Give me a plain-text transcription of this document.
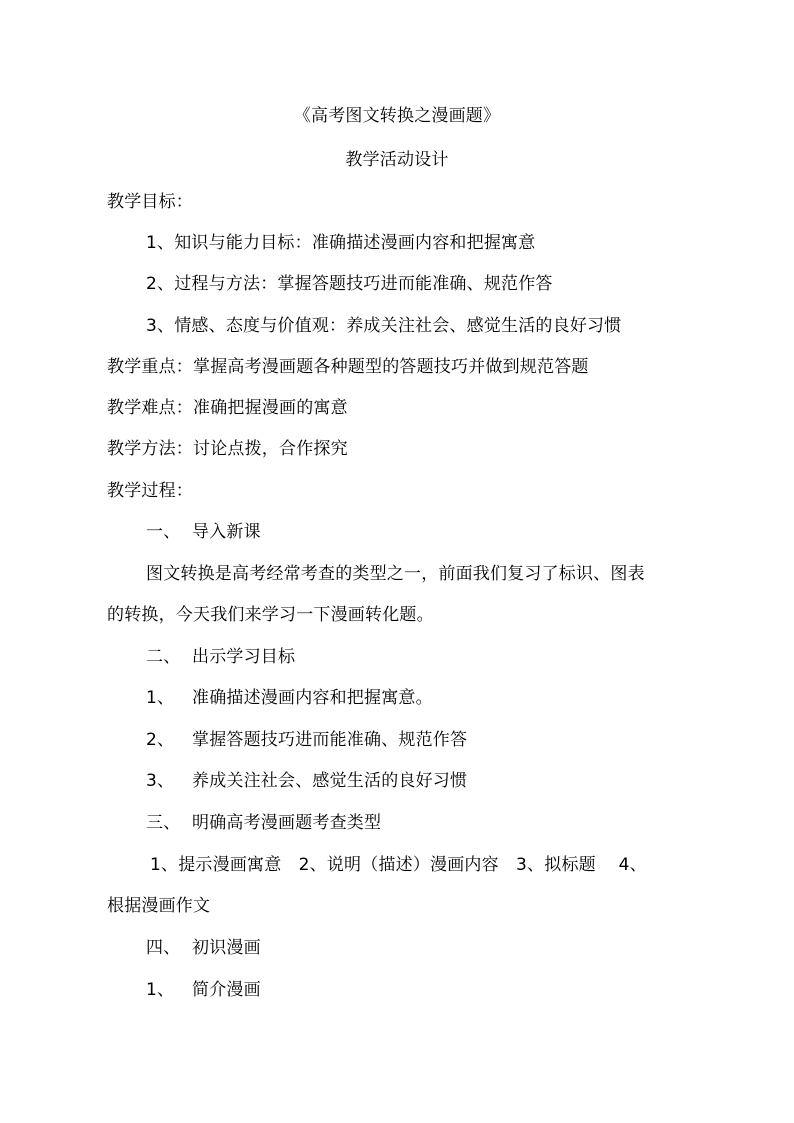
《高考图文转换之漫画题》
教学活动设计
教学目标：
1、知识与能力目标：准确描述漫画内容和把握寓意
2、过程与方法：掌握答题技巧进而能准确、规范作答
3、情感、态度与价值观：养成关注社会、感觉生活的良好习惯
教学重点：掌握高考漫画题各种题型的答题技巧并做到规范答题
教学难点：准确把握漫画的寓意
教学方法：讨论点拨，合作探究
教学过程：
一、 导入新课
图文转换是高考经常考查的类型之一，前面我们复习了标识、图表
的转换，今天我们来学习一下漫画转化题。
二、 出示学习目标
1、 准确描述漫画内容和把握寓意。
2、 掌握答题技巧进而能准确、规范作答
3、 养成关注社会、感觉生活的良好习惯
三、 明确高考漫画题考查类型
1、提示漫画寓意　2、说明（描述）漫画内容　3、拟标题　 4、
根据漫画作文
四、 初识漫画
1、 简介漫画
